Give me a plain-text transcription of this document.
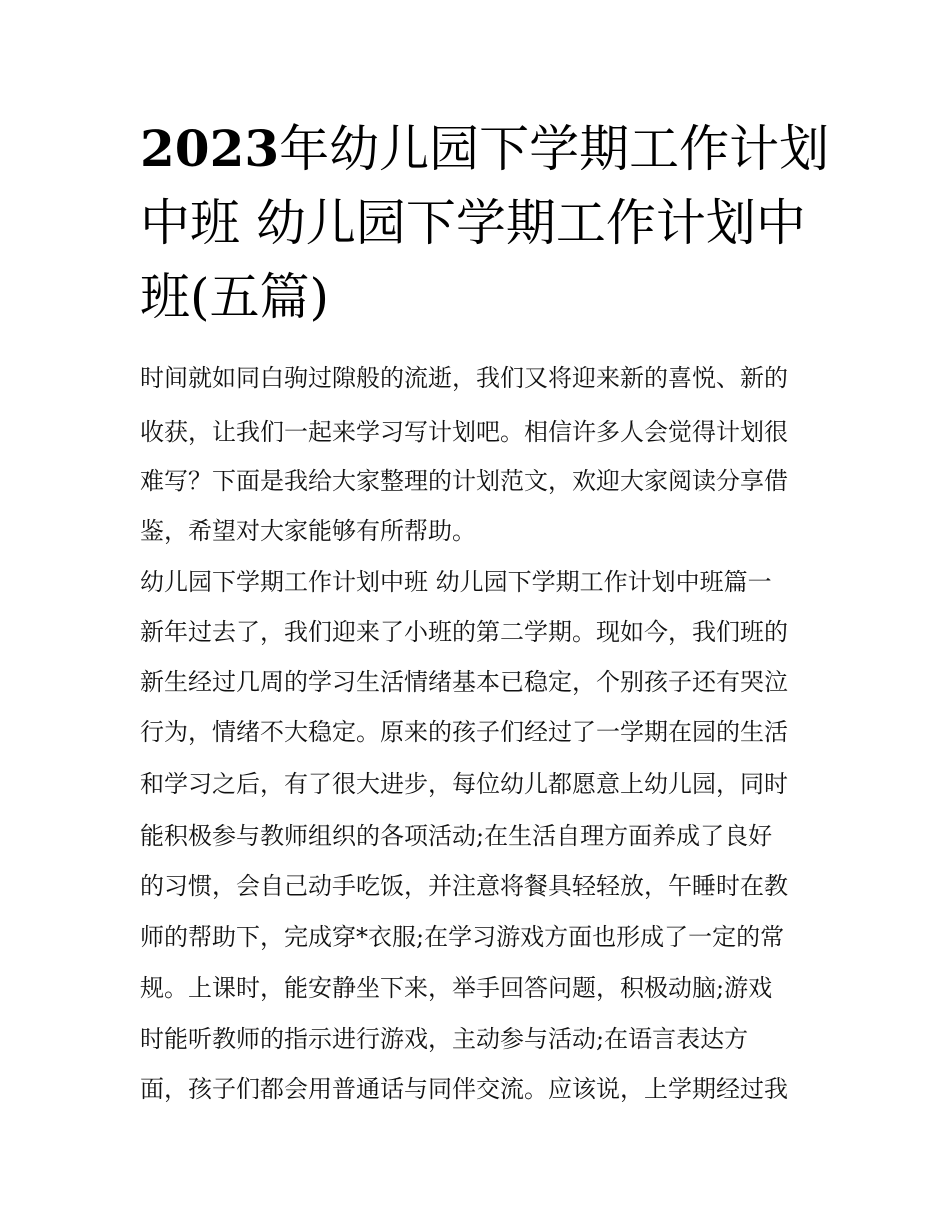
2023年幼儿园下学期工作计划
中班 幼儿园下学期工作计划中
班(五篇)

时间就如同白驹过隙般的流逝，我们又将迎来新的喜悦、新的

收获，让我们一起来学习写计划吧。相信许多人会觉得计划很

难写？下面是我给大家整理的计划范文，欢迎大家阅读分享借

鉴，希望对大家能够有所帮助。

幼儿园下学期工作计划中班 幼儿园下学期工作计划中班篇一

新年过去了，我们迎来了小班的第二学期。现如今，我们班的

新生经过几周的学习生活情绪基本已稳定，个别孩子还有哭泣

行为，情绪不大稳定。原来的孩子们经过了一学期在园的生活

和学习之后，有了很大进步，每位幼儿都愿意上幼儿园，同时

能积极参与教师组织的各项活动;在生活自理方面养成了良好

的习惯，会自己动手吃饭，并注意将餐具轻轻放，午睡时在教

师的帮助下，完成穿*衣服;在学习游戏方面也形成了一定的常

规。上课时，能安静坐下来，举手回答问题，积极动脑;游戏

时能听教师的指示进行游戏，主动参与活动;在语言表达方

面，孩子们都会用普通话与同伴交流。应该说，上学期经过我
